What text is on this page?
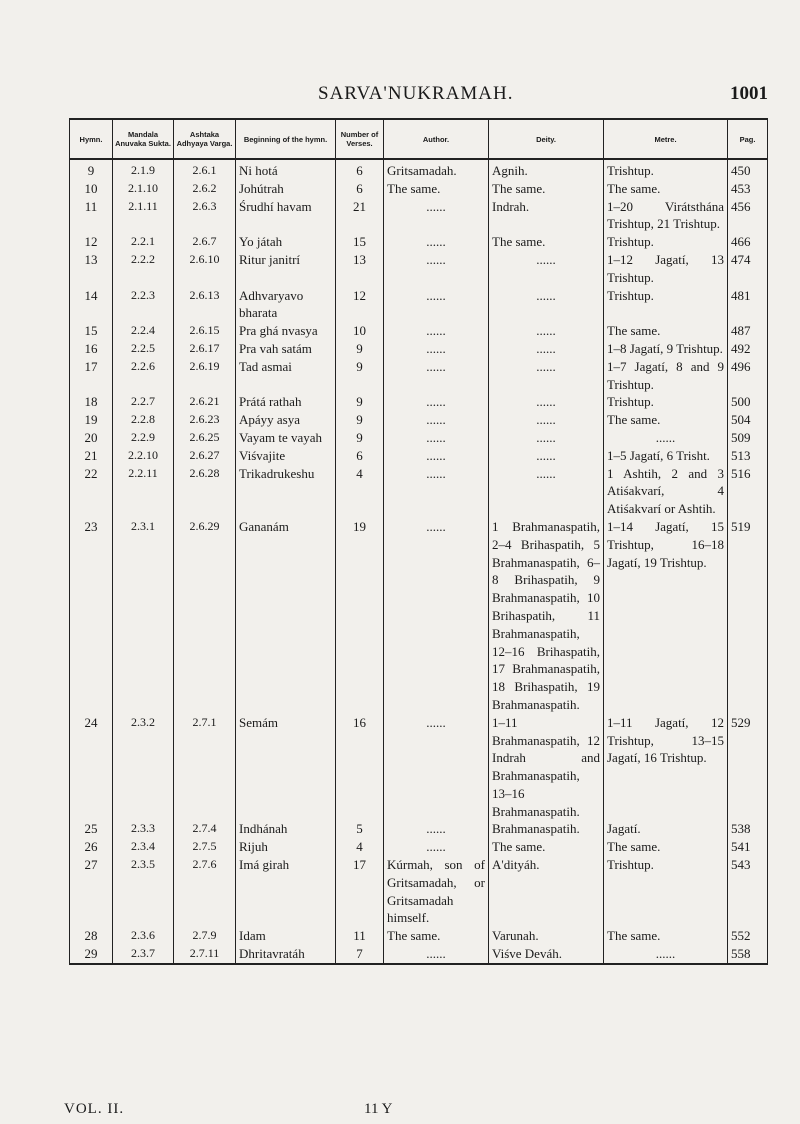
SARVA'NUKRAMAH.	1001
Hymn.	Mandala Anuvaka Sukta.	Ashtaka Adhyaya Varga.	Beginning of the hymn.	Number of Verses.	Author.	Deity.	Metre.	Pag.
9	2.1.9	2.6.1	Ni hotá	6	Gritsamadah.	Agnih.	Trishtup.	450
10	2.1.10	2.6.2	Johútrah	6	The same.	The same.	The same.	453
11	2.1.11	2.6.3	Śrudhí havam	21	......	Indrah.	1–20 Virátsthána Trishtup, 21 Trishtup.	456
12	2.2.1	2.6.7	Yo játah	15	......	The same.	Trishtup.	466
13	2.2.2	2.6.10	Ritur janitrí	13	......	......	1–12 Jagatí, 13 Trishtup.	474
14	2.2.3	2.6.13	Adhvaryavo bharata	12	......	......	Trishtup.	481
15	2.2.4	2.6.15	Pra ghá nvasya	10	......	......	The same.	487
16	2.2.5	2.6.17	Pra vah satám	9	......	......	1–8 Jagatí, 9 Trishtup.	492
17	2.2.6	2.6.19	Tad asmai	9	......	......	1–7 Jagatí, 8 and 9 Trishtup.	496
18	2.2.7	2.6.21	Prátá rathah	9	......	......	Trishtup.	500
19	2.2.8	2.6.23	Apáyy asya	9	......	......	The same.	504
20	2.2.9	2.6.25	Vayam te vayah	9	......	......	......	509
21	2.2.10	2.6.27	Viśvajite	6	......	......	1–5 Jagatí, 6 Trisht.	513
22	2.2.11	2.6.28	Trikadrukeshu	4	......	......	1 Ashtih, 2 and 3 Atiśakvarí, 4 Atiśakvarí or Ashtih.	516
23	2.3.1	2.6.29	Gananám	19	......	1 Brahmanaspatih, 2–4 Brihaspatih, 5 Brahmanaspatih, 6–8 Brihaspatih, 9 Brahmanaspatih, 10 Brihaspatih, 11 Brahmanaspatih, 12–16 Brihaspatih, 17 Brahmanaspatih, 18 Brihaspatih, 19 Brahmanaspatih.	1–14 Jagatí, 15 Trishtup, 16–18 Jagatí, 19 Trishtup.	519
24	2.3.2	2.7.1	Semám	16	......	1–11 Brahmanaspatih, 12 Indrah and Brahmanaspatih, 13–16 Brahmanaspatih.	1–11 Jagatí, 12 Trishtup, 13–15 Jagatí, 16 Trishtup.	529
25	2.3.3	2.7.4	Indhánah	5	......	Brahmanaspatih.	Jagatí.	538
26	2.3.4	2.7.5	Rijuh	4	......	The same.	The same.	541
27	2.3.5	2.7.6	Imá girah	17	Kúrmah, son of Gritsamadah, or Gritsamadah himself.	A'dityáh.	Trishtup.	543
28	2.3.6	2.7.9	Idam	11	The same.	Varunah.	The same.	552
29	2.3.7	2.7.11	Dhritavratáh	7	......	Viśve Deváh.	......	558
VOL. II.	11 Y
